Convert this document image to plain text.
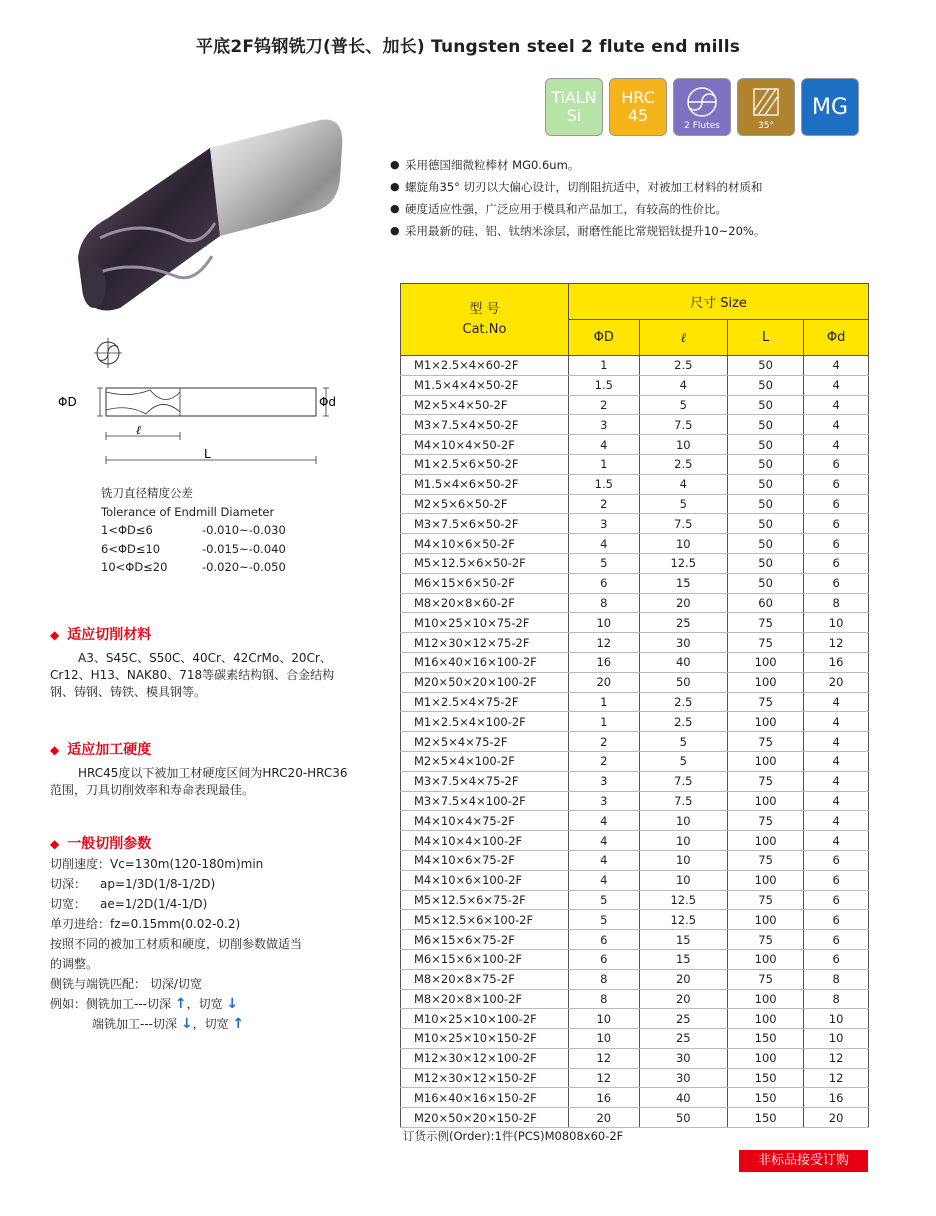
平底2F钨钢铣刀(普长、加长) Tungsten steel 2 flute end mills
TiALN
Si
HRC
45
2 Flutes	35°
MG
ΦD	Φd
ℓ
L
铣刀直径精度公差
Tolerance of Endmill Diameter
1<ΦD≤6	-0.010~-0.030
6<ΦD≤10	-0.015~-0.040
10<ΦD≤20	-0.020~-0.050
◆ 适应切削材料
A3、S45C、S50C、40Cr、42CrMo、20Cr、Cr12、H13、NAK80、718等碳素结构钢、合金结构钢、铸钢、铸铁、模具钢等。
◆ 适应加工硬度
HRC45度以下被加工材硬度区间为HRC20-HRC36范围，刀具切削效率和寿命表现最佳。
◆ 一般切削参数
切削速度：Vc=130m(120-180m)min
切深： ap=1/3D(1/8-1/2D)
切宽： ae=1/2D(1/4-1/D)
单刃进给：fz=0.15mm(0.02-0.2)
按照不同的被加工材质和硬度，切削参数做适当
的调整。
侧铣与端铣匹配： 切深/切宽
例如：侧铣加工---切深 ↑，切宽 ↓
端铣加工---切深 ↓，切宽 ↑
● 采用德国细微粒棒材 MG0.6um。
● 螺旋角35° 切刃以大偏心设计，切削阻抗适中，对被加工材料的材质和
● 硬度适应性强，广泛应用于模具和产品加工，有较高的性价比。
● 采用最新的硅、铝、钛纳米涂层，耐磨性能比常规铝钛提升10~20%。
型 号
Cat.No	尺寸 Size			
	ΦD	ℓ	L	Φd
M1×2.5×4×60-2F	1	2.5	50	4
M1.5×4×4×50-2F	1.5	4	50	4
M2×5×4×50-2F	2	5	50	4
M3×7.5×4×50-2F	3	7.5	50	4
M4×10×4×50-2F	4	10	50	4
M1×2.5×6×50-2F	1	2.5	50	6
M1.5×4×6×50-2F	1.5	4	50	6
M2×5×6×50-2F	2	5	50	6
M3×7.5×6×50-2F	3	7.5	50	6
M4×10×6×50-2F	4	10	50	6
M5×12.5×6×50-2F	5	12.5	50	6
M6×15×6×50-2F	6	15	50	6
M8×20×8×60-2F	8	20	60	8
M10×25×10×75-2F	10	25	75	10
M12×30×12×75-2F	12	30	75	12
M16×40×16×100-2F	16	40	100	16
M20×50×20×100-2F	20	50	100	20
M1×2.5×4×75-2F	1	2.5	75	4
M1×2.5×4×100-2F	1	2.5	100	4
M2×5×4×75-2F	2	5	75	4
M2×5×4×100-2F	2	5	100	4
M3×7.5×4×75-2F	3	7.5	75	4
M3×7.5×4×100-2F	3	7.5	100	4
M4×10×4×75-2F	4	10	75	4
M4×10×4×100-2F	4	10	100	4
M4×10×6×75-2F	4	10	75	6
M4×10×6×100-2F	4	10	100	6
M5×12.5×6×75-2F	5	12.5	75	6
M5×12.5×6×100-2F	5	12.5	100	6
M6×15×6×75-2F	6	15	75	6
M6×15×6×100-2F	6	15	100	6
M8×20×8×75-2F	8	20	75	8
M8×20×8×100-2F	8	20	100	8
M10×25×10×100-2F	10	25	100	10
M10×25×10×150-2F	10	25	150	10
M12×30×12×100-2F	12	30	100	12
M12×30×12×150-2F	12	30	150	12
M16×40×16×150-2F	16	40	150	16
M20×50×20×150-2F	20	50	150	20
订货示例(Order):1件(PCS)M0808x60-2F
非标品接受订购
